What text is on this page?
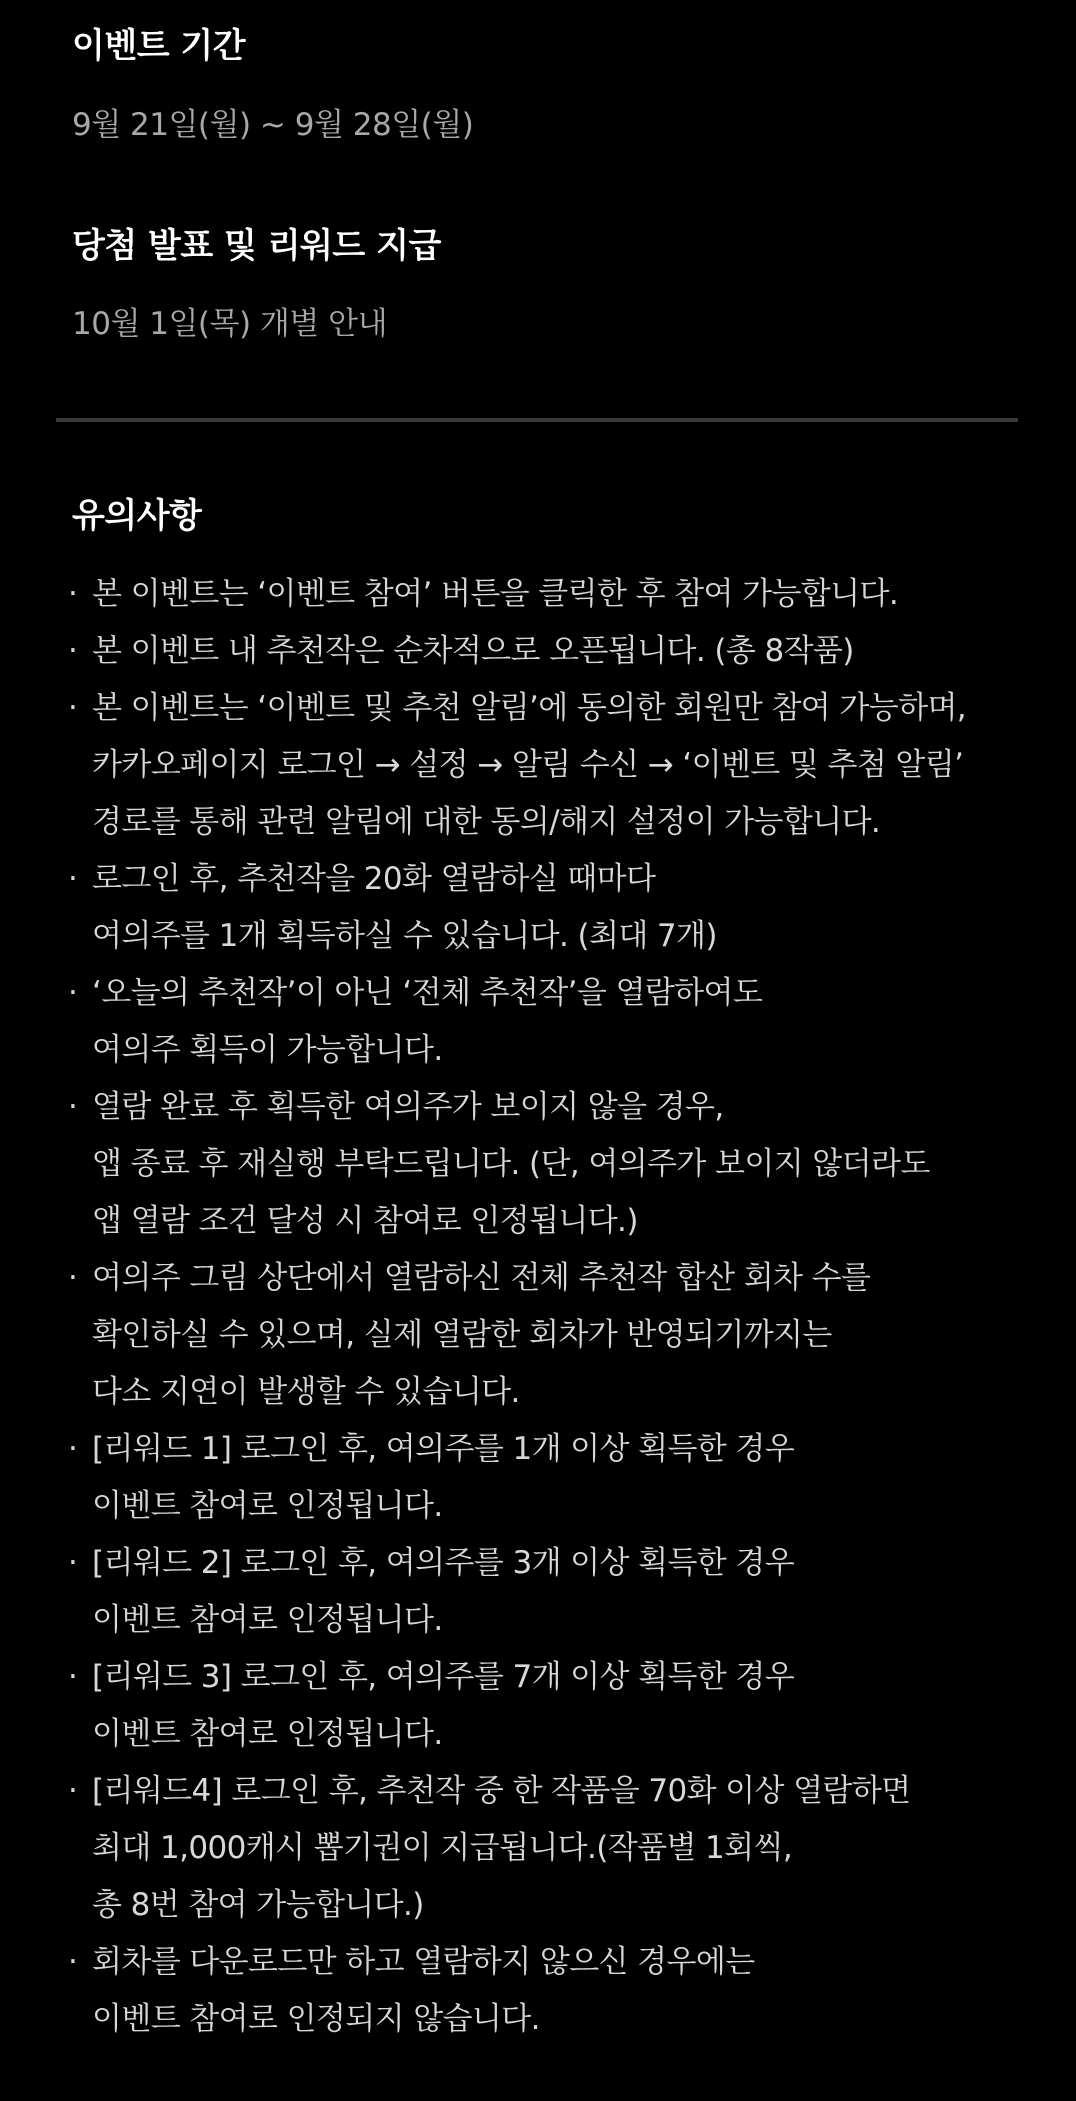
이벤트 기간
9월 21일(월) ~ 9월 28일(월)
당첨 발표 및 리워드 지급
10월 1일(목) 개별 안내
유의사항
· 본 이벤트는 ‘이벤트 참여’ 버튼을 클릭한 후 참여 가능합니다.
· 본 이벤트 내 추천작은 순차적으로 오픈됩니다. (총 8작품)
· 본 이벤트는 ‘이벤트 및 추천 알림’에 동의한 회원만 참여 가능하며,
카카오페이지 로그인 → 설정 → 알림 수신 → ‘이벤트 및 추첨 알림’
경로를 통해 관련 알림에 대한 동의/해지 설정이 가능합니다.
· 로그인 후, 추천작을 20화 열람하실 때마다
여의주를 1개 획득하실 수 있습니다. (최대 7개)
· ‘오늘의 추천작’이 아닌 ‘전체 추천작’을 열람하여도
여의주 획득이 가능합니다.
· 열람 완료 후 획득한 여의주가 보이지 않을 경우,
앱 종료 후 재실행 부탁드립니다. (단, 여의주가 보이지 않더라도
앱 열람 조건 달성 시 참여로 인정됩니다.)
· 여의주 그림 상단에서 열람하신 전체 추천작 합산 회차 수를
확인하실 수 있으며, 실제 열람한 회차가 반영되기까지는
다소 지연이 발생할 수 있습니다.
· [리워드 1] 로그인 후, 여의주를 1개 이상 획득한 경우
이벤트 참여로 인정됩니다.
· [리워드 2] 로그인 후, 여의주를 3개 이상 획득한 경우
이벤트 참여로 인정됩니다.
· [리워드 3] 로그인 후, 여의주를 7개 이상 획득한 경우
이벤트 참여로 인정됩니다.
· [리워드4] 로그인 후, 추천작 중 한 작품을 70화 이상 열람하면
최대 1,000캐시 뽑기권이 지급됩니다.(작품별 1회씩,
총 8번 참여 가능합니다.)
· 회차를 다운로드만 하고 열람하지 않으신 경우에는
이벤트 참여로 인정되지 않습니다.
